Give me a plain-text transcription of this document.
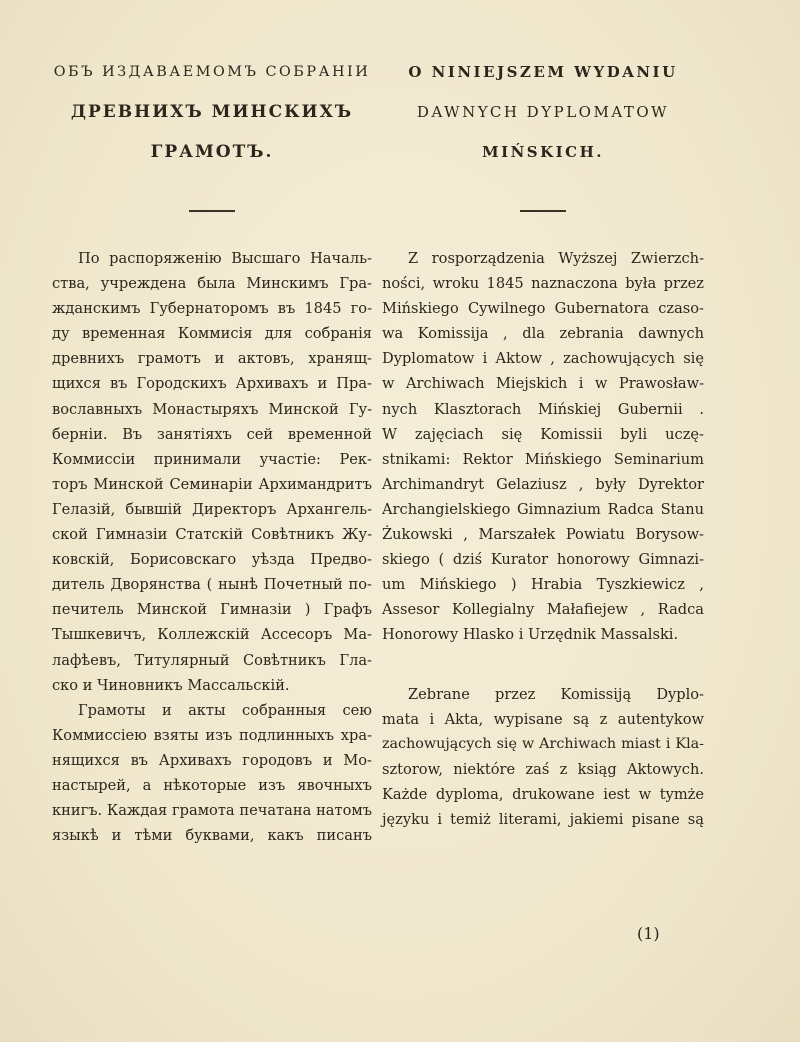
ОБЪ ИЗДАВАЕМОМЪ СОБРАНІИ
ДРЕВНИХЪ МИНСКИХЪ
ГРАМОТЪ.
По распоряженію Высшаго Началь-
ства, учреждена была Минскимъ Гра-
жданскимъ Губернаторомъ въ 1845 го-
ду временная Коммисія для собранія
древнихъ грамотъ и актовъ, хранящ-
щихся въ Городскихъ Архивахъ и Пра-
вославныхъ Монастыряхъ Минской Гу-
берніи. Въ занятіяхъ сей временной
Коммиссіи принимали участіе: Рек-
торъ Минской Семинаріи Архимандритъ
Гелазій, бывшій Директоръ Архангель-
ской Гимназіи Статскій Совѣтникъ Жу-
ковскій, Борисовскаго уѣзда Предво-
дитель Дворянства ( нынѣ Почетный по-
печитель Минской Гимназіи ) Графъ
Тышкевичъ, Коллежскій Ассесоръ Ма-
лафѣевъ, Титулярный Совѣтникъ Гла-
ско и Чиновникъ Массальскій.
Грамоты и акты собранныя сею
Коммиссіею взяты изъ подлинныхъ хра-
нящихся въ Архивахъ городовъ и Мо-
настырей, а нѣкоторые изъ явочныхъ
книгъ. Каждая грамота печатана натомъ
языкѣ и тѣми буквами, какъ писанъ
O NINIEJSZEM WYDANIU
DAWNYCH DYPLOMATOW
MIŃSKICH.
Z rosporządzenia Wyższej Zwierzch-
ności, wroku 1845 naznaczona była przez
Mińskiego Cywilnego Gubernatora czaso-
wa Komissija , dla zebrania dawnych
Dyplomatow i Aktow , zachowujących się
w Archiwach Miejskich i w Prawosław-
nych Klasztorach Mińskiej Gubernii .
W zajęciach się Komissii byli uczę-
stnikami: Rektor Mińskiego Seminarium
Archimandryt Gelaziusz , były Dyrektor
Archangielskiego Gimnazium Radca Stanu
Żukowski , Marszałek Powiatu Borysow-
skiego ( dziś Kurator honorowy Gimnazi-
um Mińskiego ) Hrabia Tyszkiewicz ,
Assesor Kollegialny Małafiejew , Radca
Honorowy Hlasko i Urzędnik Massalski.
Zebrane przez Komissiją Dyplo-
mata i Akta, wypisane są z autentykow
zachowujących się w Archiwach miast i Kla-
sztorow, niektóre zaś z ksiąg Aktowych.
Każde dyploma, drukowane iest w tymże
języku i temiż literami, jakiemi pisane są
(1)
